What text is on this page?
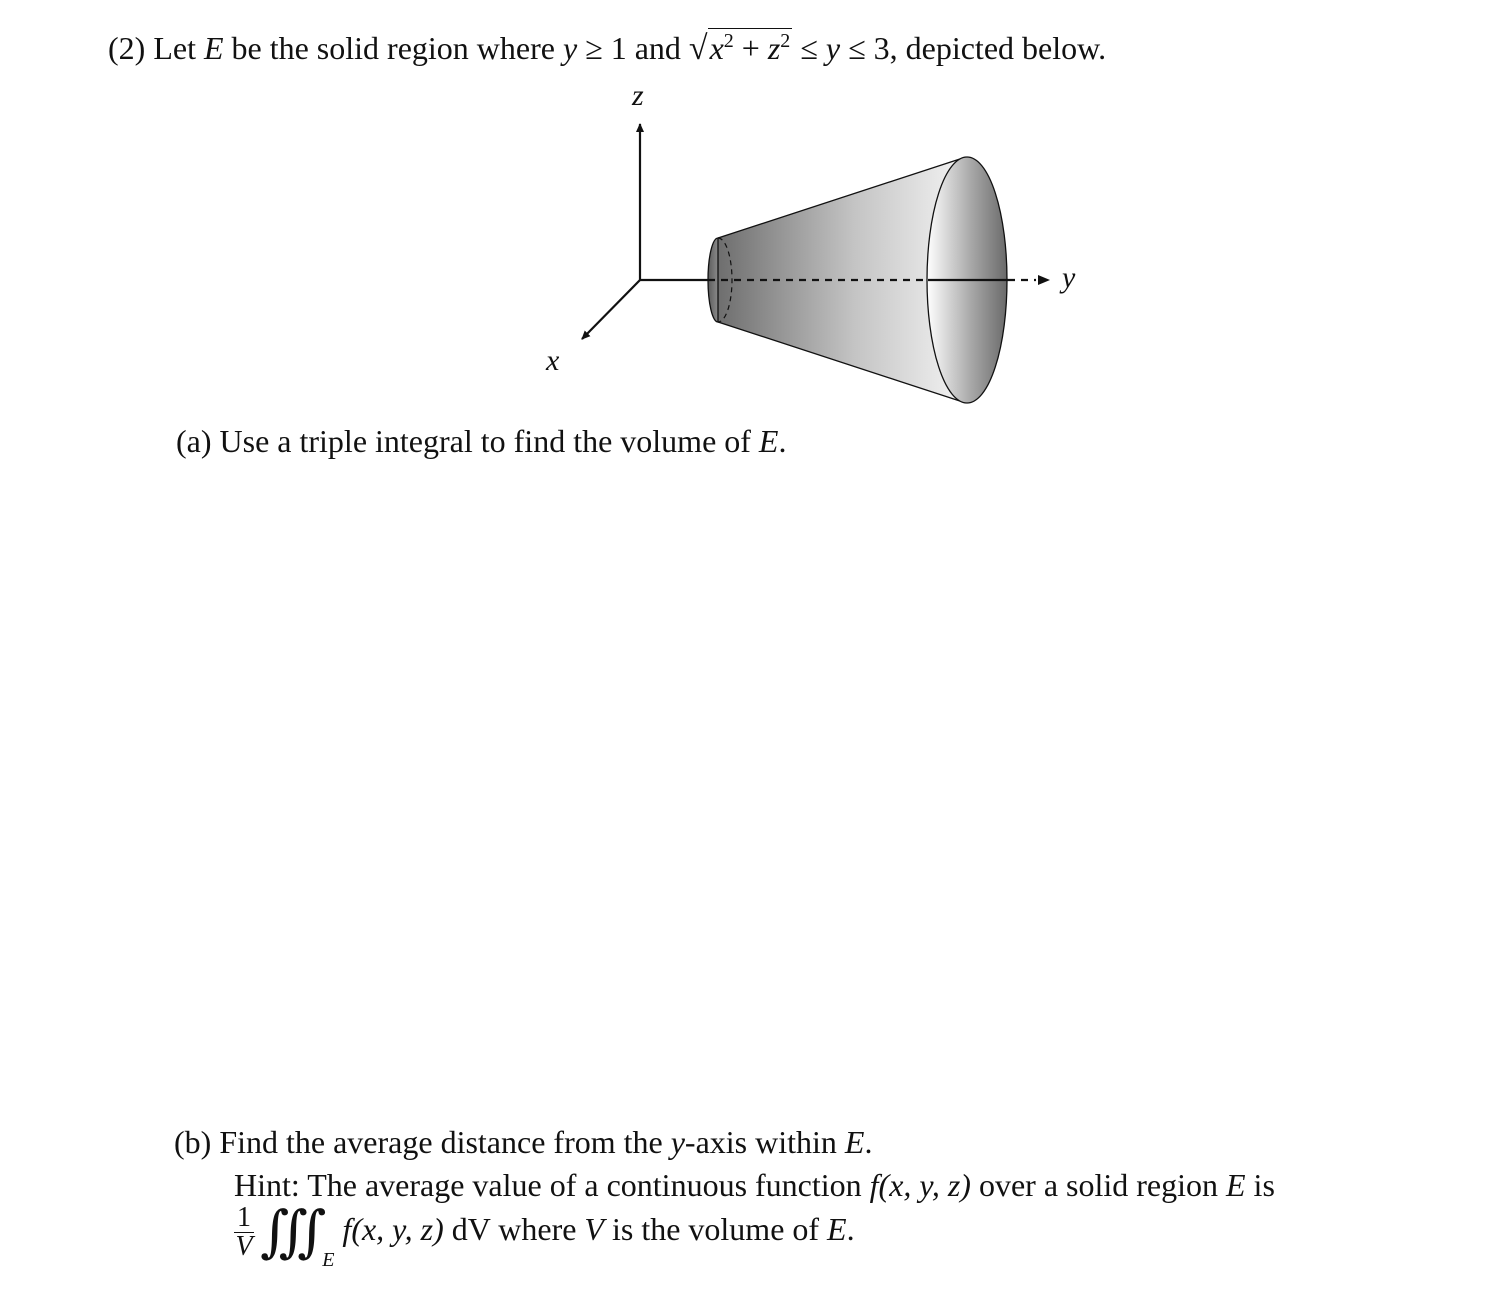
(2) Let E be the solid region where y ≥ 1 and $√x^2 + z^2 \le y \le 3$, depicted below.
z
y
x
(a) Use a triple integral to find the volume of E.
(b) Find the average distance from the y-axis within E.
Hint: The average value of a continuous function f(x, y, z) over a solid region E is
$\frac{1}{V}$ ∭ $_E$f(x, y, z) dV where V is the volume of E.
